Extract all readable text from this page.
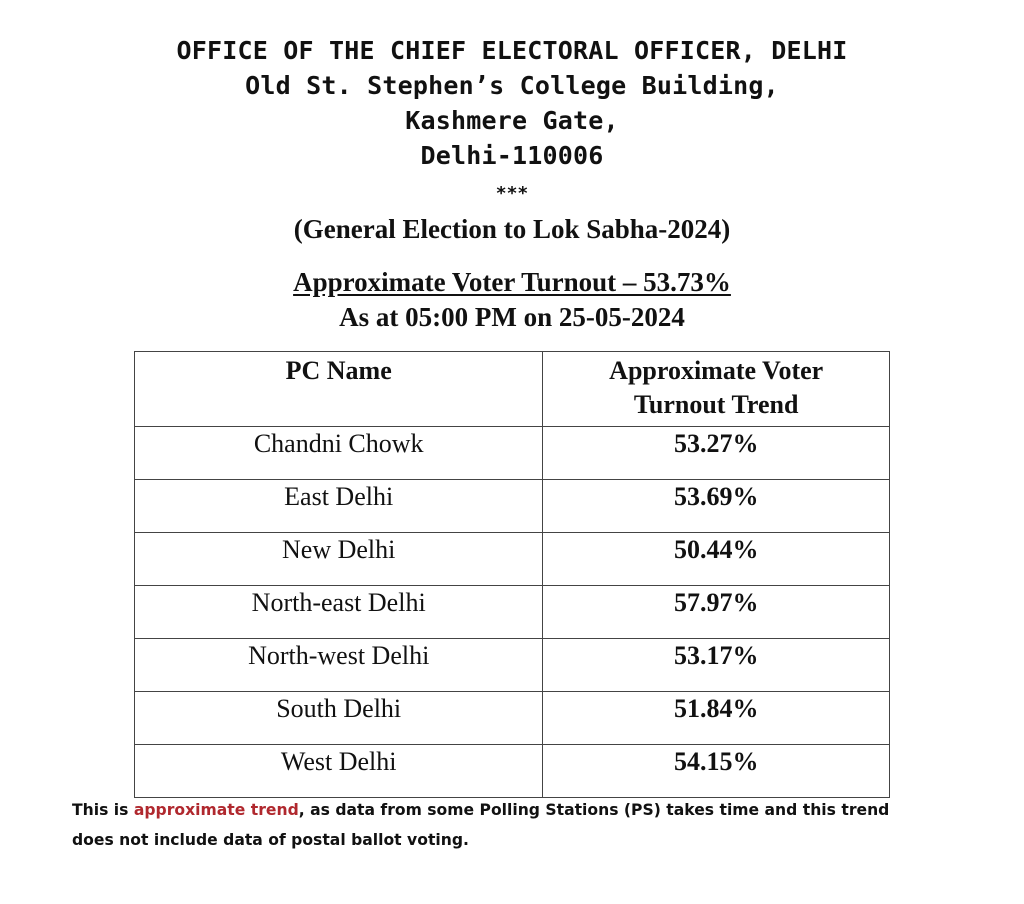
OFFICE OF THE CHIEF ELECTORAL OFFICER, DELHI
Old St. Stephen’s College Building,
Kashmere Gate,
Delhi-110006
***
(General Election to Lok Sabha-2024)
Approximate Voter Turnout – 53.73%
As at 05:00 PM on 25-05-2024
PC Name	Approximate Voter
Turnout Trend
Chandni Chowk	53.27%
East Delhi	53.69%
New Delhi	50.44%
North-east Delhi	57.97%
North-west Delhi	53.17%
South Delhi	51.84%
West Delhi	54.15%
This is approximate trend, as data from some Polling Stations (PS) takes time and this trend
does not include data of postal ballot voting.
